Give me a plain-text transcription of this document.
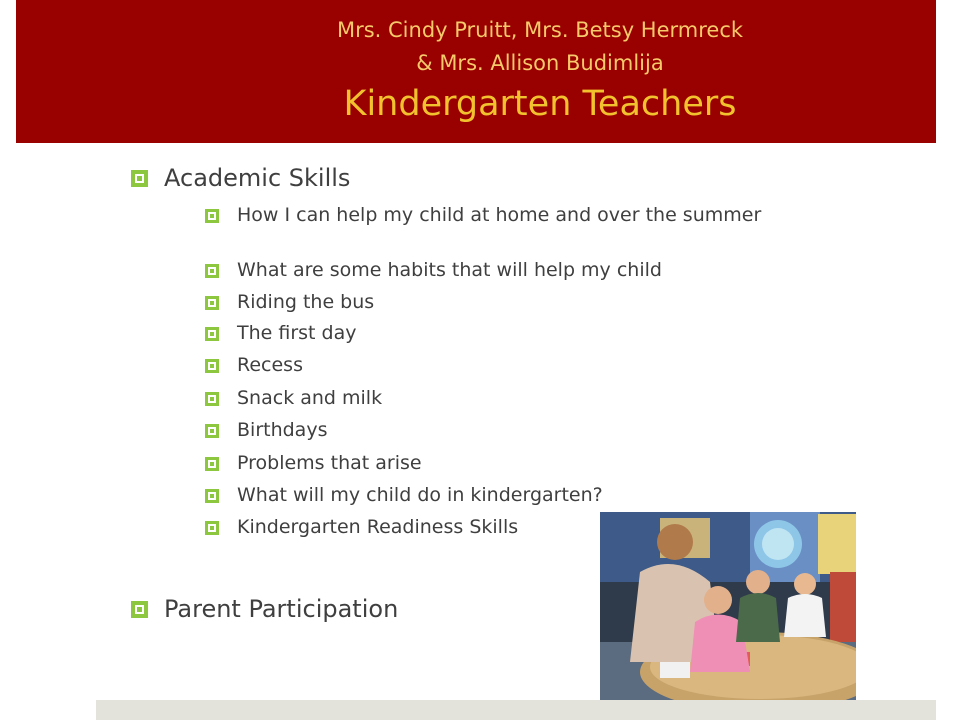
Mrs. Cindy Pruitt, Mrs. Betsy Hermreck
& Mrs. Allison Budimlija
Kindergarten Teachers
Academic Skills
How I can help my child at home and over the summer
What are some habits that will help my child
Riding the bus
The first day
Recess
Snack and milk
Birthdays
Problems that arise
What will my child do in kindergarten?
Kindergarten Readiness Skills
Parent Participation
